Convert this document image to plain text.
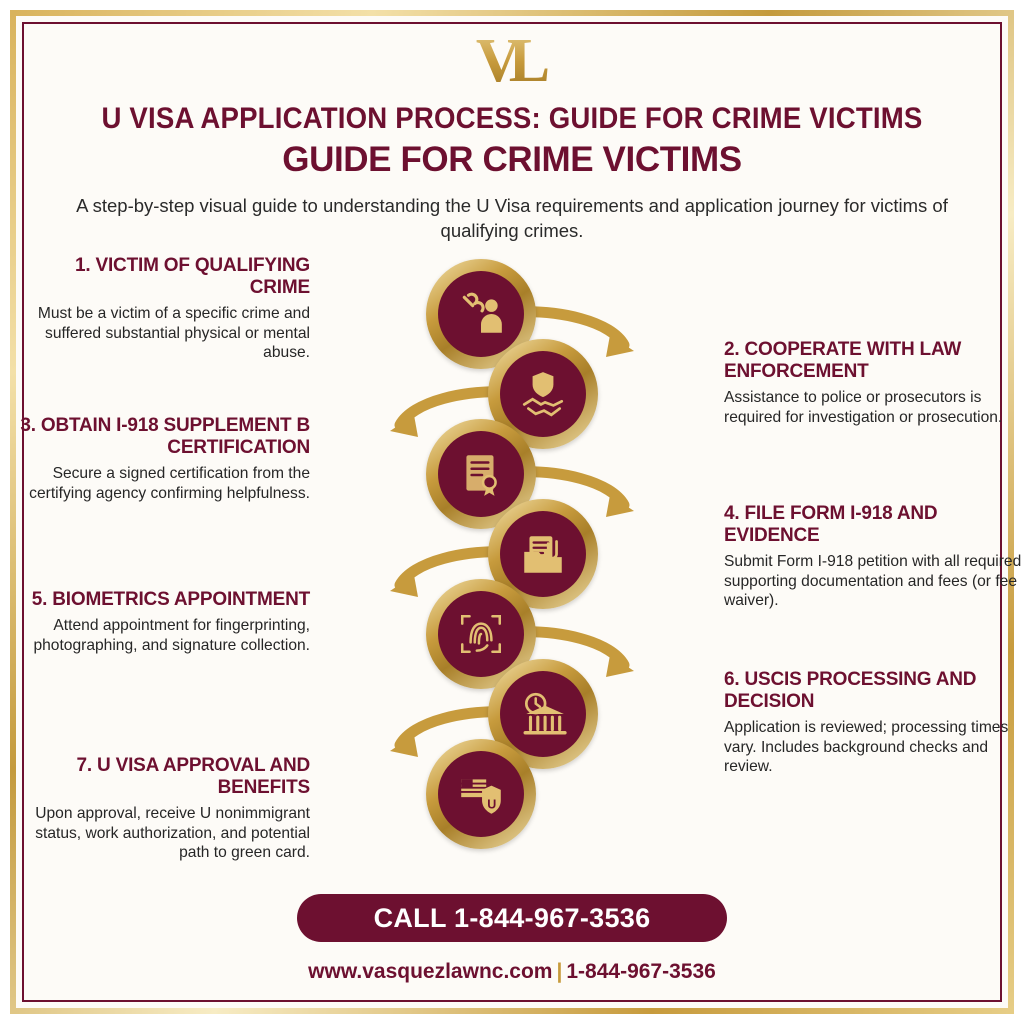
VL
U VISA APPLICATION PROCESS: GUIDE FOR CRIME VICTIMS
GUIDE FOR CRIME VICTIMS
A step-by-step visual guide to understanding the U Visa requirements and application journey for victims of qualifying crimes.
U
1. VICTIM OF QUALIFYING CRIME
Must be a victim of a specific crime and suffered substantial physical or mental abuse.	2. COOPERATE WITH LAW ENFORCEMENT
Assistance to police or prosecutors is required for investigation or prosecution.
3. OBTAIN I-918 SUPPLEMENT B CERTIFICATION
Secure a signed certification from the certifying agency confirming helpfulness.
4. FILE FORM I-918 AND EVIDENCE
Submit Form I-918 petition with all required supporting documentation and fees (or fee waiver).
5. BIOMETRICS APPOINTMENT
Attend appointment for fingerprinting, photographing, and signature collection.
6. USCIS PROCESSING AND DECISION
Application is reviewed; processing times vary. Includes background checks and review.
7. U VISA APPROVAL AND BENEFITS
Upon approval, receive U nonimmigrant status, work authorization, and potential path to green card.
CALL 1-844-967-3536
www.vasquezlawnc.com | 1-844-967-3536
